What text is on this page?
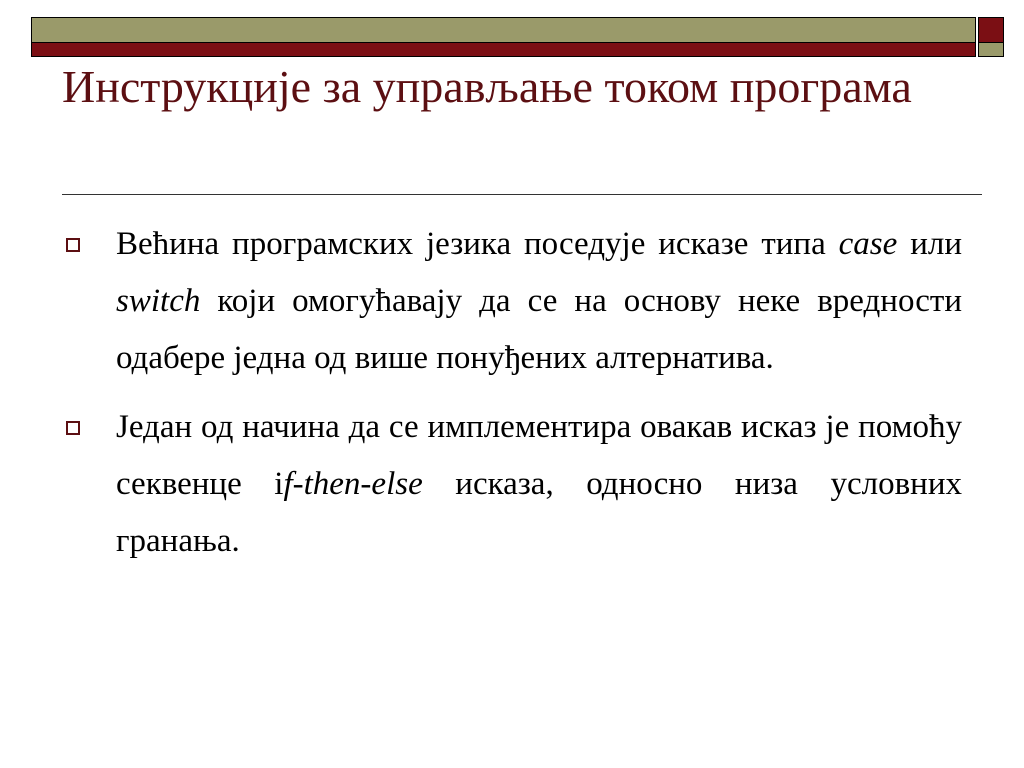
Инструкције за управљање током програма
Већина програмских језика поседује исказе типа case или switch који омогућавају да се на основу неке вредности одабере једна од више понуђених алтернатива.
Један од начина да се имплементира овакав исказ је помоћу секвенце if-then-else исказа, односно низа условних гранања.
